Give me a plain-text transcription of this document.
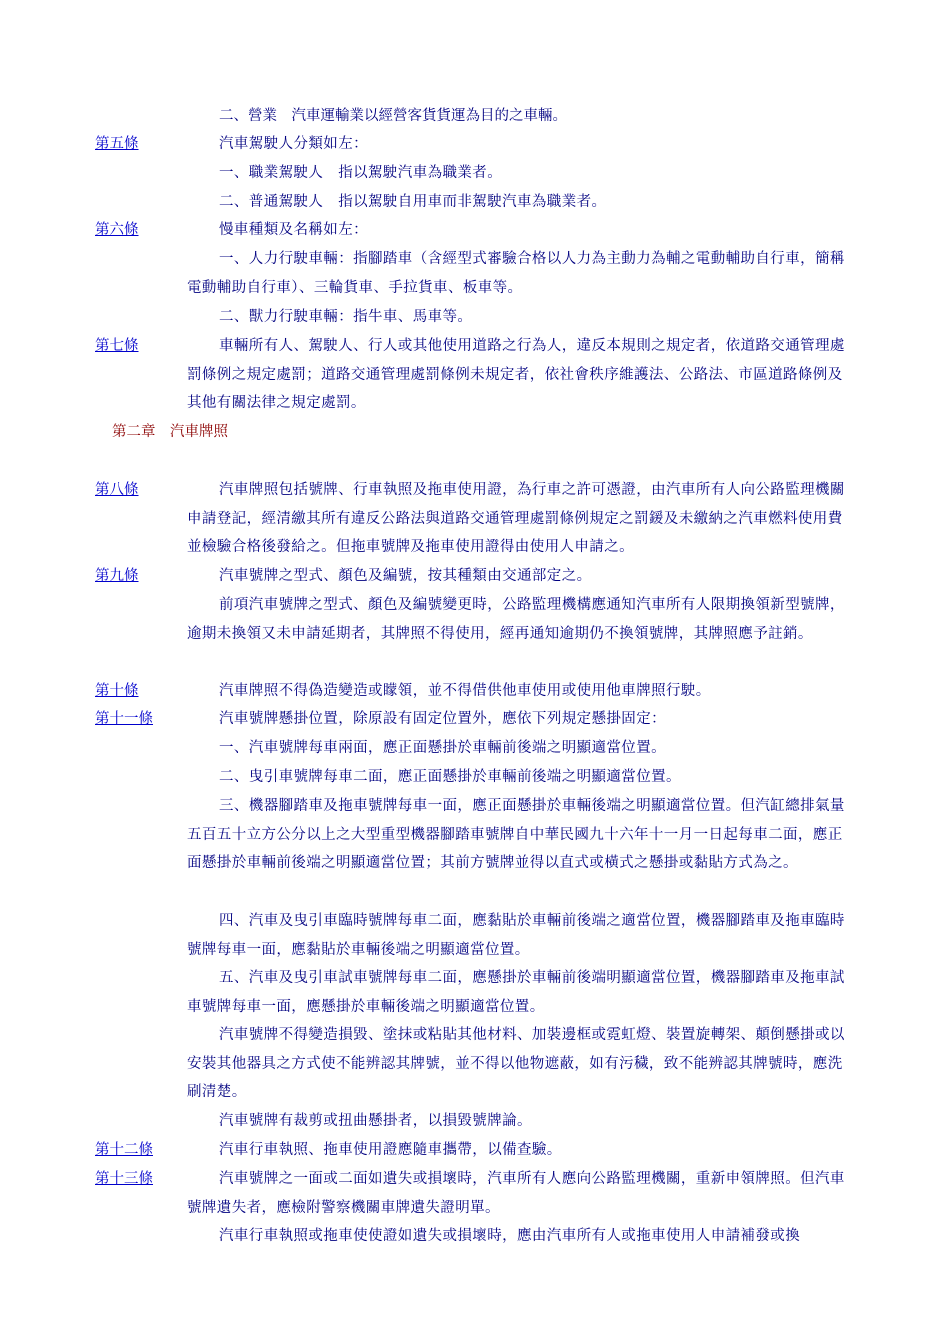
二、營業　汽車運輸業以經營客貨貨運為目的之車輛。
第五條	汽車駕駛人分類如左：
一、職業駕駛人　指以駕駛汽車為職業者。
二、普通駕駛人　指以駕駛自用車而非駕駛汽車為職業者。
第六條	慢車種類及名稱如左：
一、人力行駛車輛：指腳踏車（含經型式審驗合格以人力為主動力為輔之電動輔助自行車，簡稱電動輔助自行車）、三輪貨車、手拉貨車、板車等。
二、獸力行駛車輛：指牛車、馬車等。
第七條	車輛所有人、駕駛人、行人或其他使用道路之行為人，違反本規則之規定者，依道路交通管理處罰條例之規定處罰；道路交通管理處罰條例未規定者，依社會秩序維護法、公路法、市區道路條例及其他有關法律之規定處罰。
第二章　汽車牌照
第八條	汽車牌照包括號牌、行車執照及拖車使用證，為行車之許可憑證，由汽車所有人向公路監理機關申請登記，經清繳其所有違反公路法與道路交通管理處罰條例規定之罰鍰及未繳納之汽車燃料使用費並檢驗合格後發給之。但拖車號牌及拖車使用證得由使用人申請之。
第九條	汽車號牌之型式、顏色及編號，按其種類由交通部定之。
前項汽車號牌之型式、顏色及編號變更時，公路監理機構應通知汽車所有人限期換領新型號牌，逾期未換領又未申請延期者，其牌照不得使用，經再通知逾期仍不換領號牌，其牌照應予註銷。
第十條	汽車牌照不得偽造變造或矇領，並不得借供他車使用或使用他車牌照行駛。
第十一條	汽車號牌懸掛位置，除原設有固定位置外，應依下列規定懸掛固定：
一、汽車號牌每車兩面，應正面懸掛於車輛前後端之明顯適當位置。
二、曳引車號牌每車二面，應正面懸掛於車輛前後端之明顯適當位置。
三、機器腳踏車及拖車號牌每車一面，應正面懸掛於車輛後端之明顯適當位置。但汽缸總排氣量五百五十立方公分以上之大型重型機器腳踏車號牌自中華民國九十六年十一月一日起每車二面，應正面懸掛於車輛前後端之明顯適當位置；其前方號牌並得以直式或橫式之懸掛或黏貼方式為之。
四、汽車及曳引車臨時號牌每車二面，應黏貼於車輛前後端之適當位置，機器腳踏車及拖車臨時號牌每車一面，應黏貼於車輛後端之明顯適當位置。
五、汽車及曳引車試車號牌每車二面，應懸掛於車輛前後端明顯適當位置，機器腳踏車及拖車試車號牌每車一面，應懸掛於車輛後端之明顯適當位置。
汽車號牌不得變造損毀、塗抹或粘貼其他材料、加裝邊框或霓虹燈、裝置旋轉架、顛倒懸掛或以安裝其他器具之方式使不能辨認其牌號，並不得以他物遮蔽，如有污穢，致不能辨認其牌號時，應洗刷清楚。
汽車號牌有裁剪或扭曲懸掛者，以損毀號牌論。
第十二條	汽車行車執照、拖車使用證應隨車攜帶，以備查驗。
第十三條	汽車號牌之一面或二面如遺失或損壞時，汽車所有人應向公路監理機關，重新申領牌照。但汽車號牌遺失者，應檢附警察機關車牌遺失證明單。
汽車行車執照或拖車使使證如遺失或損壞時，應由汽車所有人或拖車使用人申請補發或換
